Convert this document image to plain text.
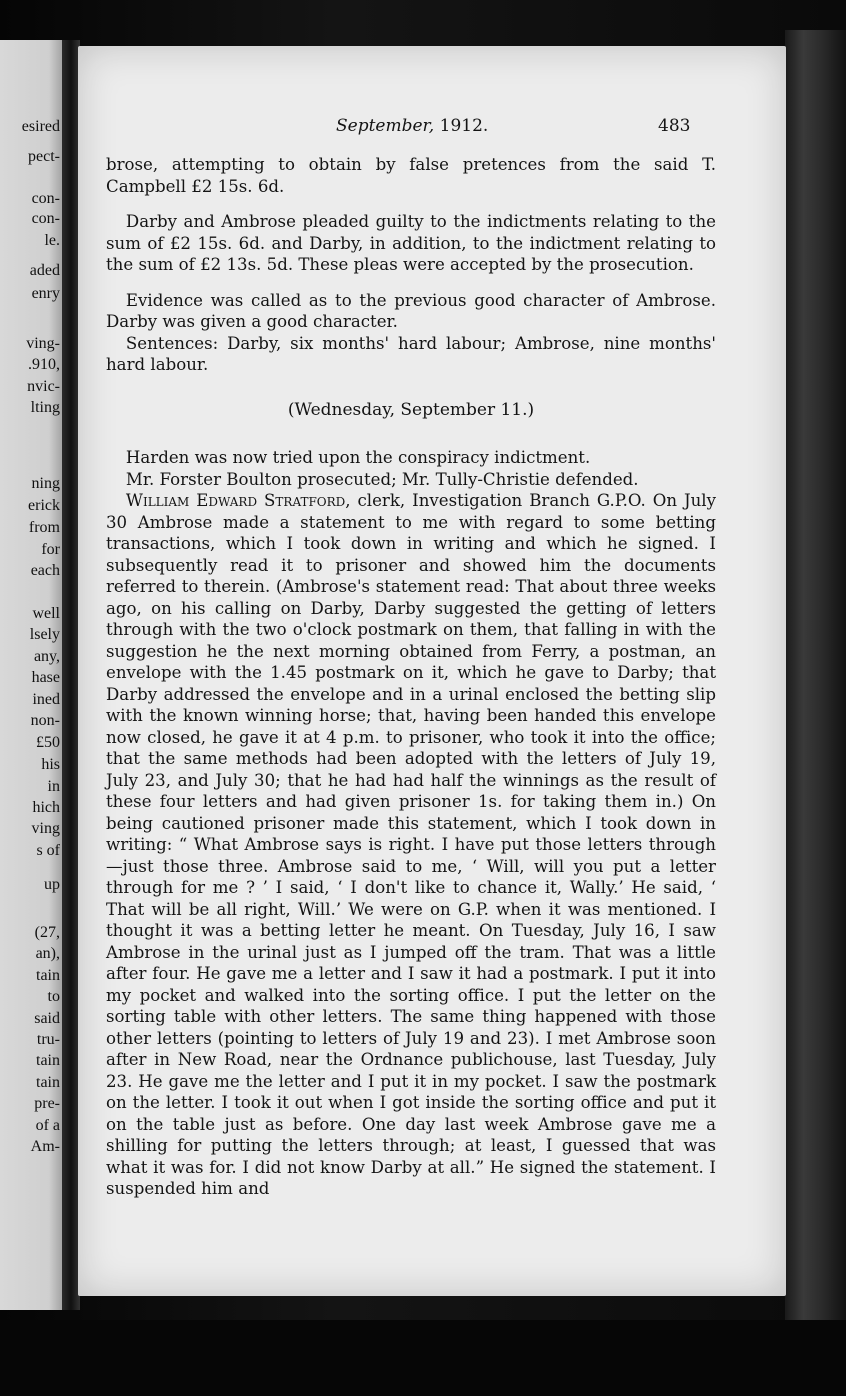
esired
pect-
con-
con-
le.
aded
enry
ving-
.910,
nvic-
lting
ning
erick
from
for
each
well
lsely
any,
hase
ined
non-
£50
his
in
hich
ving
s of
up
(27,
an),
tain
to
said
tru-
tain
tain
pre-
of a
Am-
September, 1912.	483

brose, attempting to obtain by false pretences from the said T. Campbell £2 15s. 6d.

Darby and Ambrose pleaded guilty to the indictments relating to the sum of £2 15s. 6d. and Darby, in addition, to the indictment relating to the sum of £2 13s. 5d. These pleas were accepted by the prosecution.

Evidence was called as to the previous good character of Ambrose. Darby was given a good character.

Sentences: Darby, six months' hard labour; Ambrose, nine months' hard labour.

(Wednesday, September 11.)

Harden was now tried upon the conspiracy indictment.

Mr. Forster Boulton prosecuted; Mr. Tully-Christie defended.

William Edward Stratford, clerk, Investigation Branch G.P.O. On July 30 Ambrose made a statement to me with regard to some betting transactions, which I took down in writing and which he signed. I subsequently read it to prisoner and showed him the documents referred to therein. (Ambrose's statement read: That about three weeks ago, on his calling on Darby, Darby suggested the getting of letters through with the two o'clock postmark on them, that falling in with the suggestion he the next morning obtained from Ferry, a postman, an envelope with the 1.45 postmark on it, which he gave to Darby; that Darby addressed the envelope and in a urinal enclosed the betting slip with the known winning horse; that, having been handed this envelope now closed, he gave it at 4 p.m. to prisoner, who took it into the office; that the same methods had been adopted with the letters of July 19, July 23, and July 30; that he had had half the winnings as the result of these four letters and had given prisoner 1s. for taking them in.) On being cautioned prisoner made this statement, which I took down in writing: “ What Ambrose says is right. I have put those letters through—just those three. Ambrose said to me, ‘ Will, will you put a letter through for me ? ’ I said, ‘ I don't like to chance it, Wally.’ He said, ‘ That will be all right, Will.’ We were on G.P. when it was mentioned. I thought it was a betting letter he meant. On Tuesday, July 16, I saw Ambrose in the urinal just as I jumped off the tram. That was a little after four. He gave me a letter and I saw it had a postmark. I put it into my pocket and walked into the sorting office. I put the letter on the sorting table with other letters. The same thing happened with those other letters (pointing to letters of July 19 and 23). I met Ambrose soon after in New Road, near the Ordnance publichouse, last Tuesday, July 23. He gave me the letter and I put it in my pocket. I saw the postmark on the letter. I took it out when I got inside the sorting office and put it on the table just as before. One day last week Ambrose gave me a shilling for putting the letters through; at least, I guessed that was what it was for. I did not know Darby at all.” He signed the statement. I suspended him and
